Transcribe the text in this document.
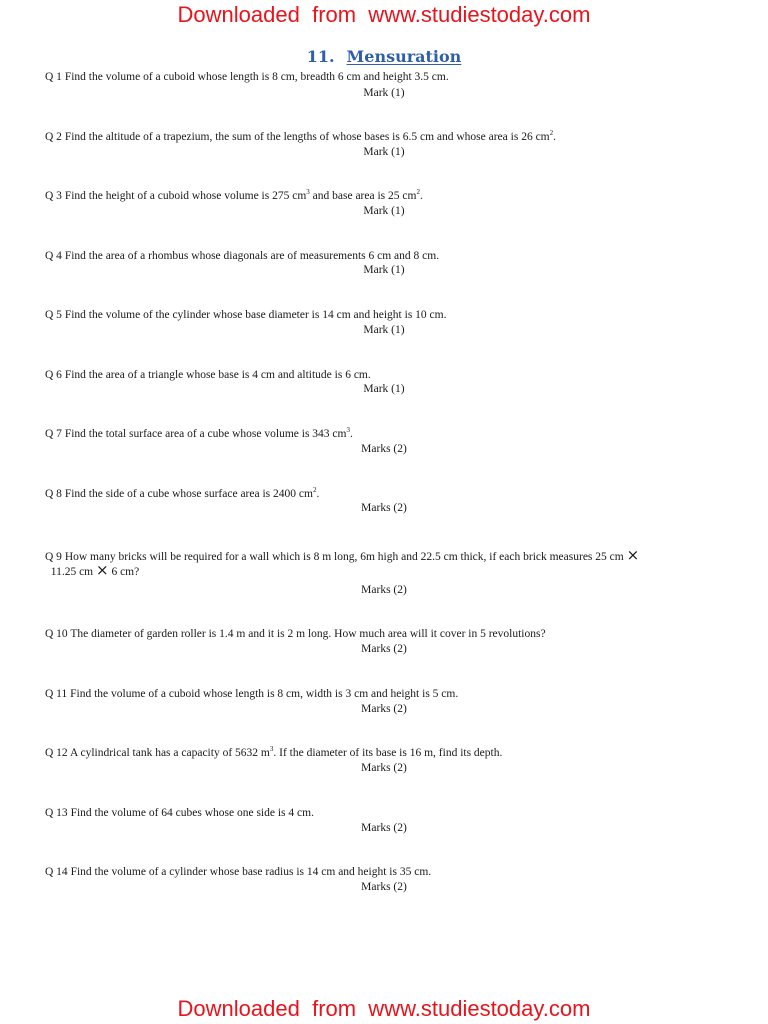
Downloaded  from  www.studiestoday.com
11. Mensuration
Q 1 Find the volume of a cuboid whose length is 8 cm, breadth 6 cm and height 3.5 cm.
Mark (1)
Q 2 Find the altitude of a trapezium, the sum of the lengths of whose bases is 6.5 cm and whose area is 26 $cm^2$.
Mark (1)
Q 3 Find the height of a cuboid whose volume is 275 $cm^3$ and base area is 25 $cm^2$.
Mark (1)
Q 4 Find the area of a rhombus whose diagonals are of measurements 6 cm and 8 cm.
Mark (1)
Q 5 Find the volume of the cylinder whose base diameter is 14 cm and height is 10 cm.
Mark (1)
Q 6 Find the area of a triangle whose base is 4 cm and altitude is 6 cm.
Mark (1)
Q 7 Find the total surface area of a cube whose volume is 343 $cm^3$.
Marks (2)
Q 8 Find the side of a cube whose surface area is 2400 $cm^2$.
Marks (2)
Q 9 How many bricks will be required for a wall which is 8 m long, 6m high and 22.5 cm thick, if each brick measures 25 cm ×
11.25 cm × 6 cm?
Marks (2)
Q 10 The diameter of garden roller is 1.4 m and it is 2 m long. How much area will it cover in 5 revolutions?
Marks (2)
Q 11 Find the volume of a cuboid whose length is 8 cm, width is 3 cm and height is 5 cm.
Marks (2)
Q 12 A cylindrical tank has a capacity of 5632 $m^3$. If the diameter of its base is 16 m, find its depth.
Marks (2)
Q 13 Find the volume of 64 cubes whose one side is 4 cm.
Marks (2)
Q 14 Find the volume of a cylinder whose base radius is 14 cm and height is 35 cm.
Marks (2)
Downloaded  from  www.studiestoday.com
